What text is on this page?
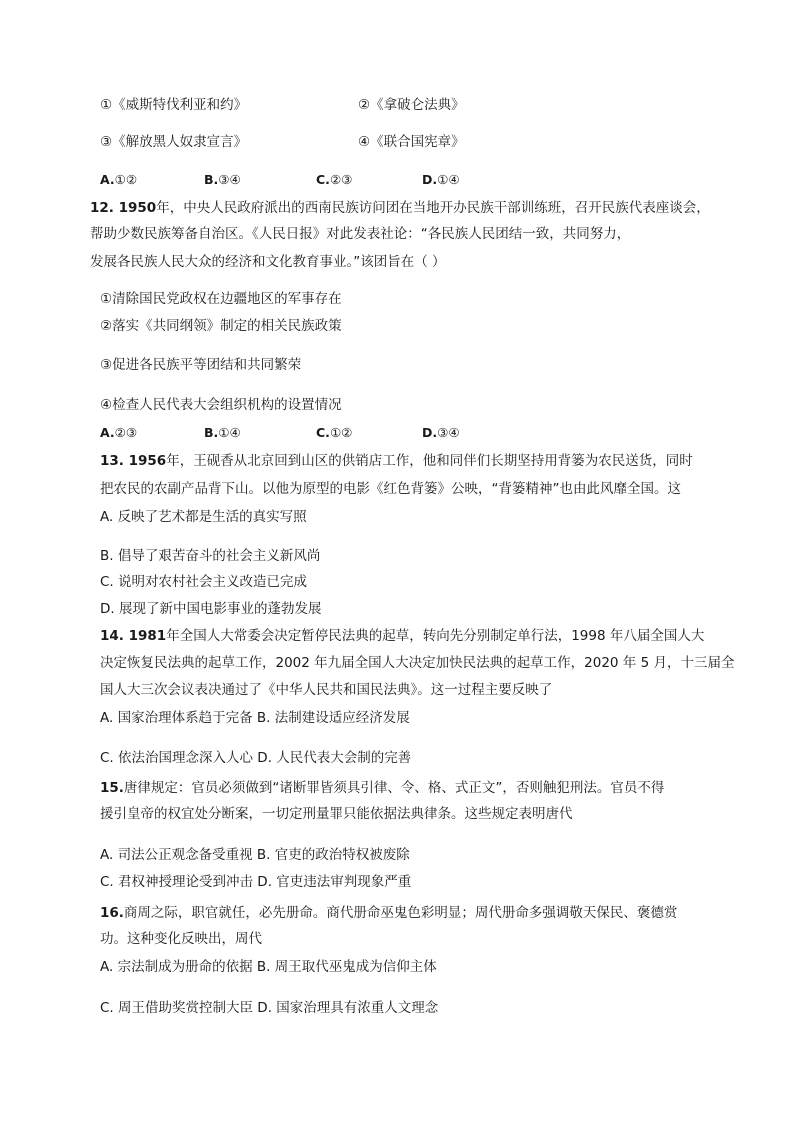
①《威斯特伐利亚和约》	②《拿破仑法典》
③《解放黑人奴隶宣言》	④《联合国宪章》
A.①②	B.③④	C.②③	D.①④
12. 1950年，中央人民政府派出的西南民族访问团在当地开办民族干部训练班，召开民族代表座谈会，
帮助少数民族筹备自治区。《人民日报》对此发表社论：“各民族人民团结一致，共同努力，
发展各民族人民大众的经济和文化教育事业。”该团旨在（ ）
①清除国民党政权在边疆地区的军事存在
②落实《共同纲领》制定的相关民族政策
③促进各民族平等团结和共同繁荣
④检查人民代表大会组织机构的设置情况
A.②③	B.①④	C.①②	D.③④
13. 1956年，王砚香从北京回到山区的供销店工作，他和同伴们长期坚持用背篓为农民送货，同时
把农民的农副产品背下山。以他为原型的电影《红色背篓》公映，“背篓精神”也由此风靡全国。这
A. 反映了艺术都是生活的真实写照
B. 倡导了艰苦奋斗的社会主义新风尚
C. 说明对农村社会主义改造已完成
D. 展现了新中国电影事业的蓬勃发展
14. 1981年全国人大常委会决定暂停民法典的起草，转向先分别制定单行法，1998 年八届全国人大
决定恢复民法典的起草工作，2002 年九届全国人大决定加快民法典的起草工作，2020 年 5 月，十三届全
国人大三次会议表决通过了《中华人民共和国民法典》。这一过程主要反映了
A. 国家治理体系趋于完备 B. 法制建设适应经济发展
C. 依法治国理念深入人心 D. 人民代表大会制的完善
15.唐律规定：官员必须做到“诸断罪皆须具引律、令、格、式正文”，否则触犯刑法。官员不得
援引皇帝的权宜处分断案，一切定刑量罪只能依据法典律条。这些规定表明唐代
A. 司法公正观念备受重视 B. 官吏的政治特权被废除
C. 君权神授理论受到冲击 D. 官吏违法审判现象严重
16.商周之际，职官就任，必先册命。商代册命巫鬼色彩明显；周代册命多强调敬天保民、褒德赏
功。这种变化反映出，周代
A. 宗法制成为册命的依据 B. 周王取代巫鬼成为信仰主体
C. 周王借助奖赏控制大臣 D. 国家治理具有浓重人文理念
